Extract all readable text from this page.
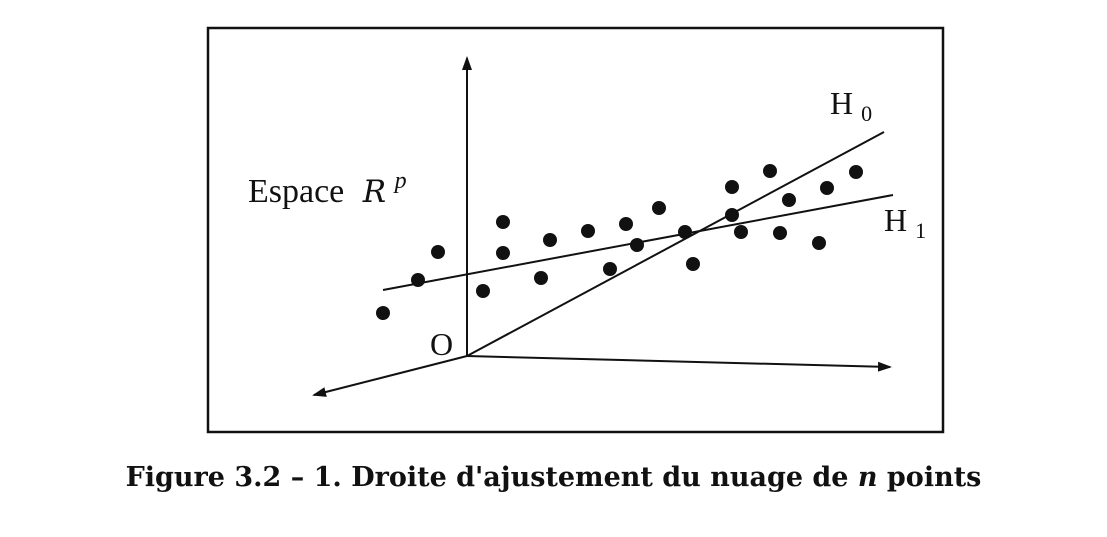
Espace R $^p$
O
H $_0$
H $_1$
Figure 3.2 – 1. Droite d'ajustement du nuage de n points
